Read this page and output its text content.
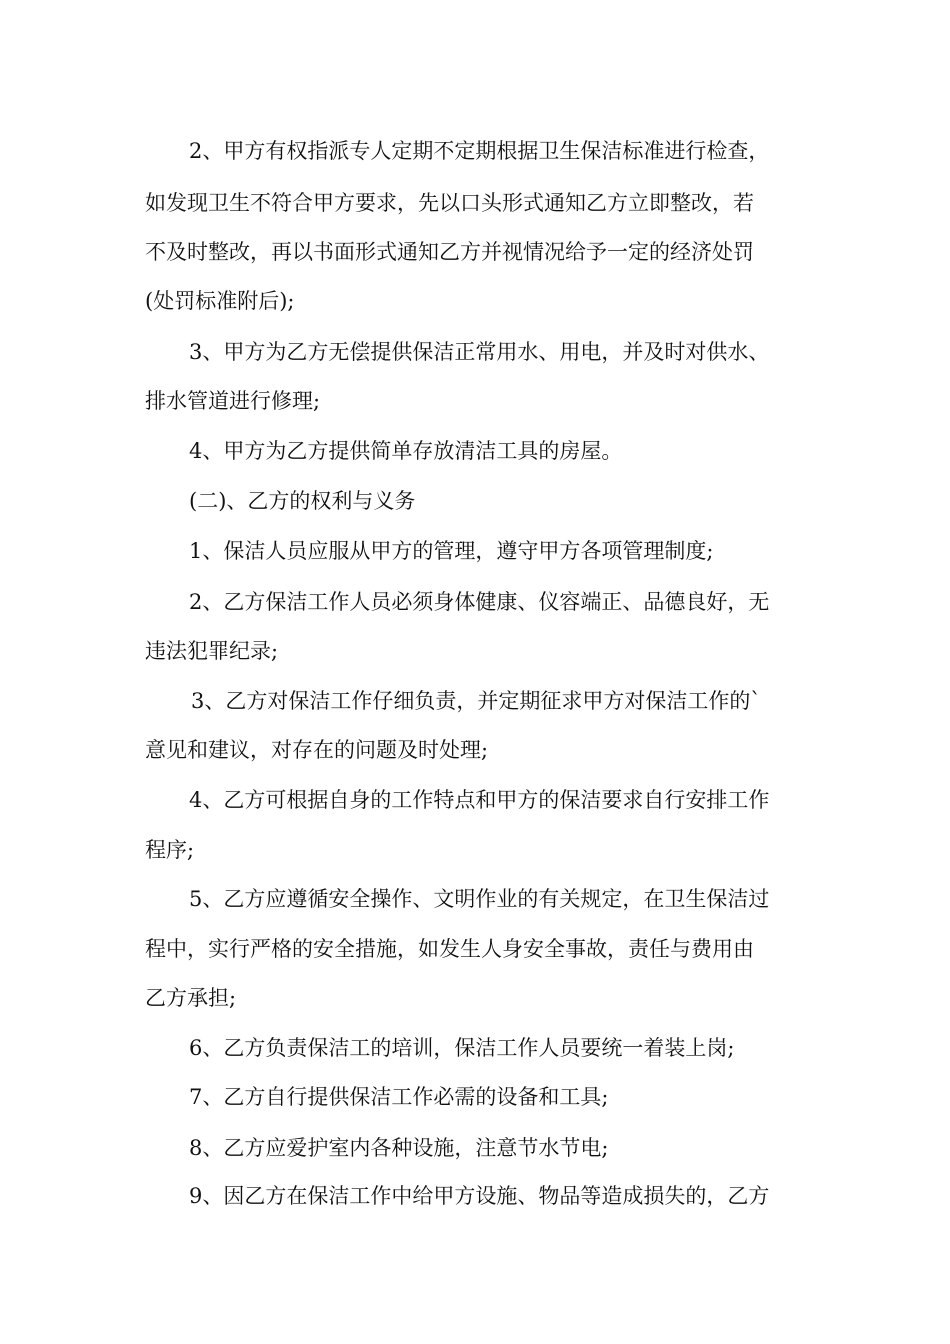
2、甲方有权指派专人定期不定期根据卫生保洁标准进行检查，
如发现卫生不符合甲方要求，先以口头形式通知乙方立即整改，若
不及时整改，再以书面形式通知乙方并视情况给予一定的经济处罚
(处罚标准附后);
3、甲方为乙方无偿提供保洁正常用水、用电，并及时对供水、
排水管道进行修理;
4、甲方为乙方提供简单存放清洁工具的房屋。
(二)、乙方的权利与义务
1、保洁人员应服从甲方的管理，遵守甲方各项管理制度;
2、乙方保洁工作人员必须身体健康、仪容端正、品德良好，无
违法犯罪纪录;
3、乙方对保洁工作仔细负责，并定期征求甲方对保洁工作的`
意见和建议，对存在的问题及时处理;
4、乙方可根据自身的工作特点和甲方的保洁要求自行安排工作
程序;
5、乙方应遵循安全操作、文明作业的有关规定，在卫生保洁过
程中，实行严格的安全措施，如发生人身安全事故，责任与费用由
乙方承担;
6、乙方负责保洁工的培训，保洁工作人员要统一着装上岗;
7、乙方自行提供保洁工作必需的设备和工具;
8、乙方应爱护室内各种设施，注意节水节电;
9、因乙方在保洁工作中给甲方设施、物品等造成损失的，乙方
